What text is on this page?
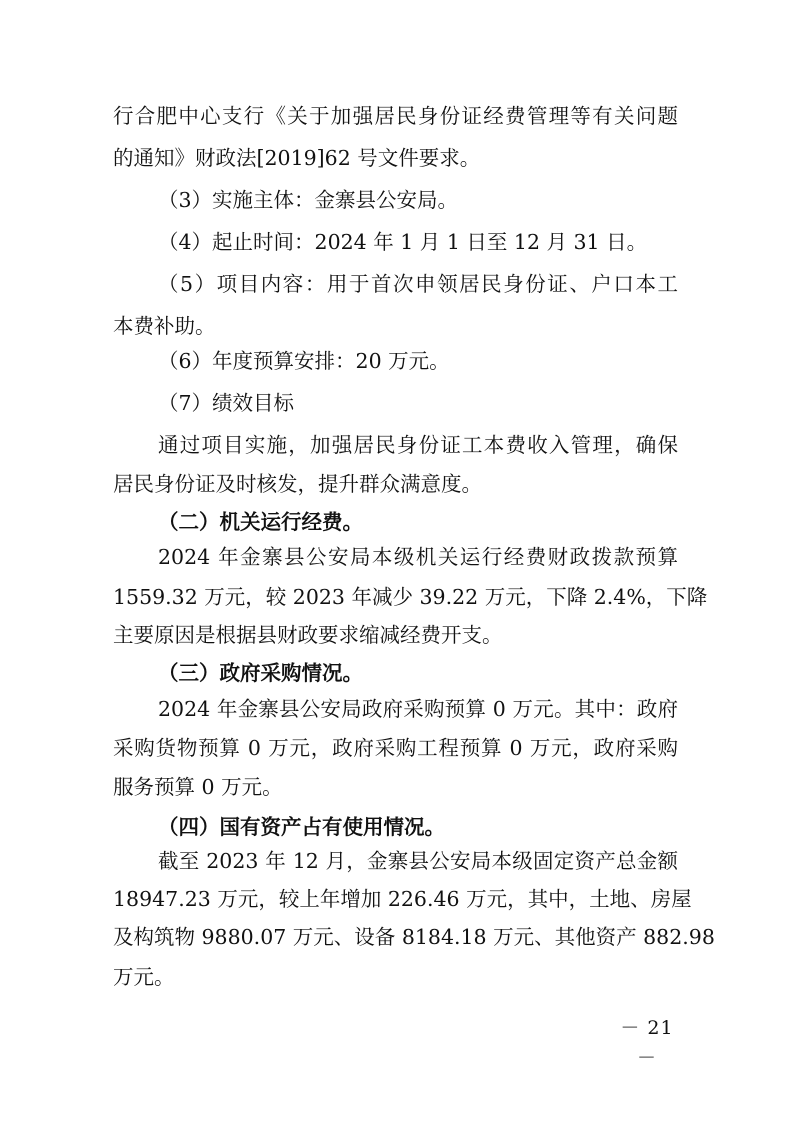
行合肥中心支行《关于加强居民身份证经费管理等有关问题
的通知》财政法[2019]62 号文件要求。
（3）实施主体：金寨县公安局。
（4）起止时间：2024 年 1 月 1 日至 12 月 31 日。
（5）项目内容：用于首次申领居民身份证、户口本工
本费补助。
（6）年度预算安排：20 万元。
（7）绩效目标
通过项目实施，加强居民身份证工本费收入管理，确保
居民身份证及时核发，提升群众满意度。
（二）机关运行经费。
2024 年金寨县公安局本级机关运行经费财政拨款预算
1559.32 万元，较 2023 年减少 39.22 万元，下降 2.4%，下降
主要原因是根据县财政要求缩减经费开支。
（三）政府采购情况。
2024 年金寨县公安局政府采购预算 0 万元。其中：政府
采购货物预算 0 万元，政府采购工程预算 0 万元，政府采购
服务预算 0 万元。
（四）国有资产占有使用情况。
截至 2023 年 12 月，金寨县公安局本级固定资产总金额
18947.23 万元，较上年增加 226.46 万元，其中，土地、房屋
及构筑物 9880.07 万元、设备 8184.18 万元、其他资产 882.98
万元。
－ 21 －
